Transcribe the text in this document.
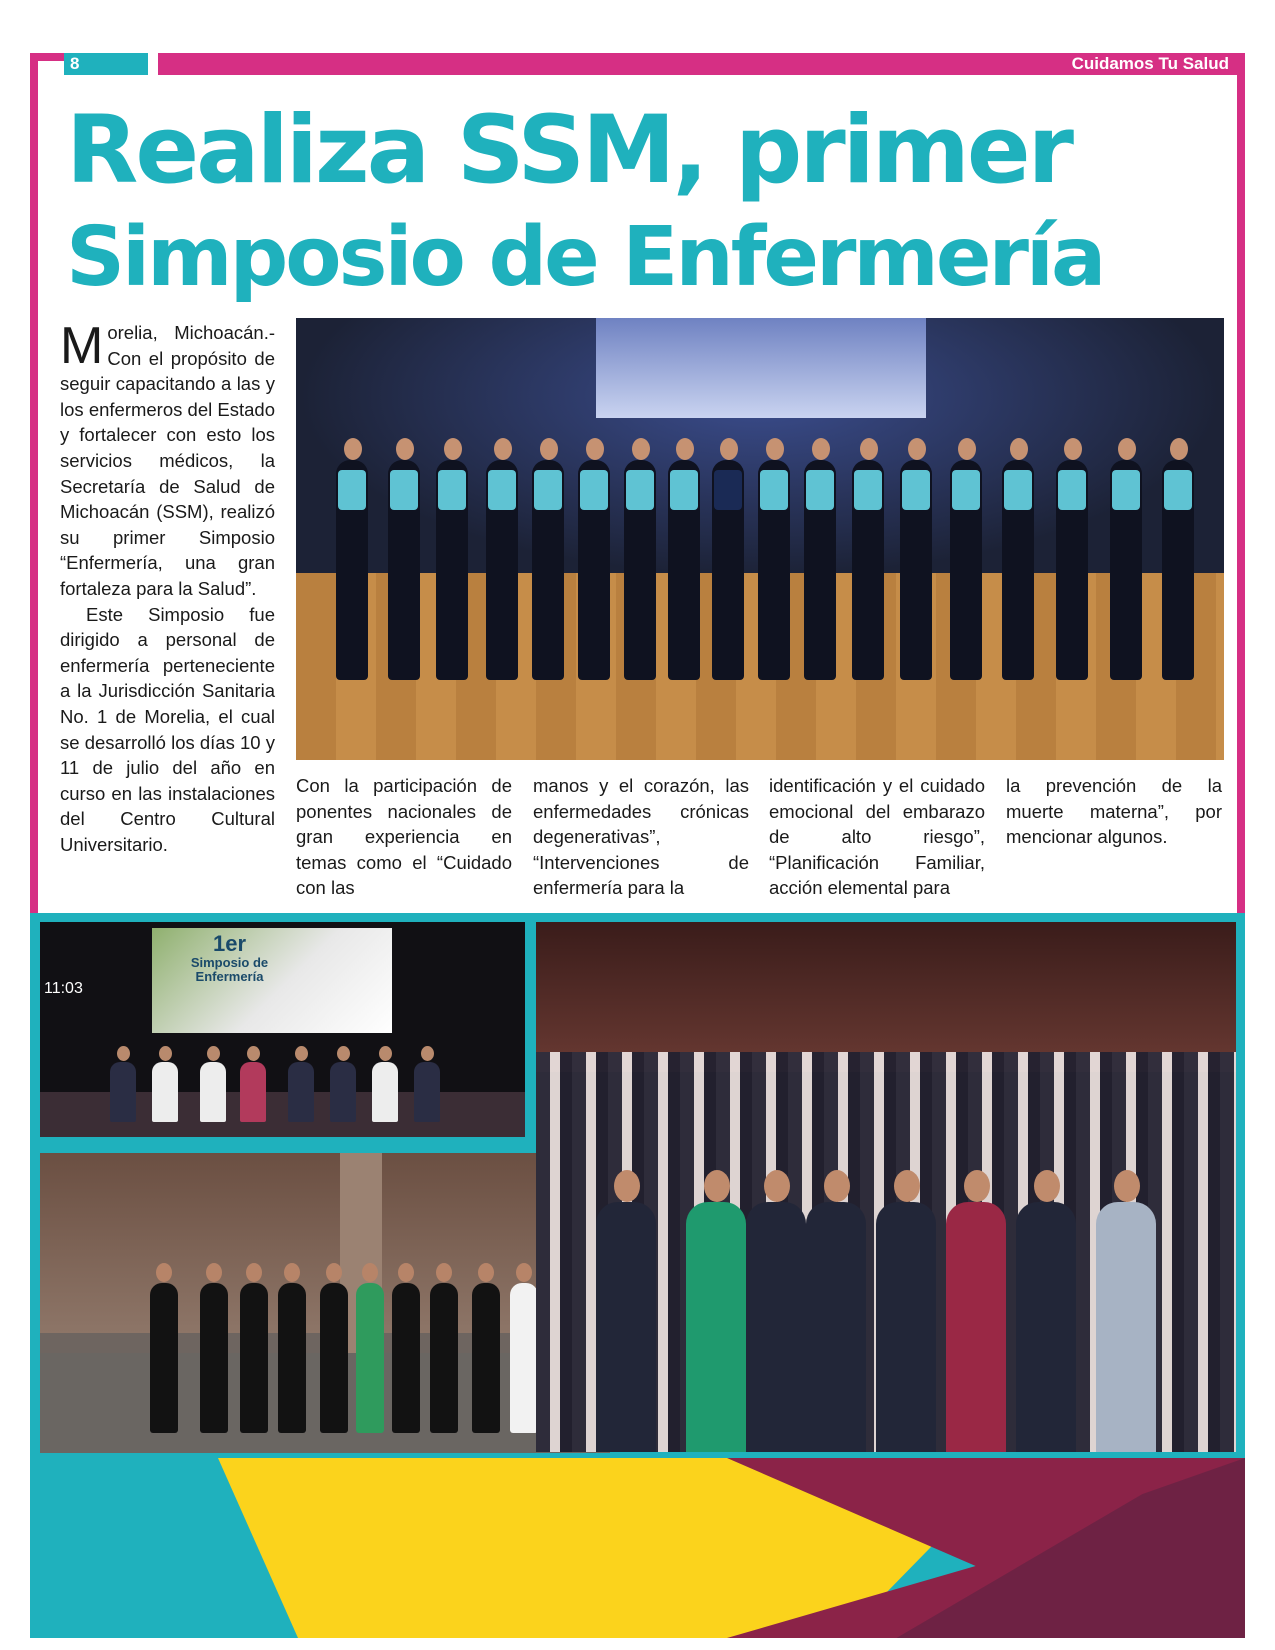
8	Cuidamos Tu Salud
Realiza SSM, primer
Simposio de Enfermería

Morelia, Michoacán.- Con el propósito de seguir capacitando a las y los enfermeros del Estado y fortalecer con esto los servicios médicos, la Secretaría de Salud de Michoacán (SSM), realizó su primer Simposio “Enfermería, una gran fortaleza para la Salud”.

Este Simposio fue dirigido a personal de enfermería perteneciente a la Jurisdicción Sanitaria No. 1 de Morelia, el cual se desarrolló los días 10 y 11 de julio del año en curso en las instalaciones del Centro Cultural Universitario.

Con la participación de ponentes nacionales de gran experiencia en temas como el “Cuidado con las

manos y el corazón, las enfermedades crónicas degenerativas”, “Intervenciones de enfermería para la

identificación y el cuidado emocional del embarazo de alto riesgo”, “Planificación Familiar, acción elemental para

la prevención de la muerte materna”, por mencionar algunos.

1er
Simposio de
Enfermería
11:03
